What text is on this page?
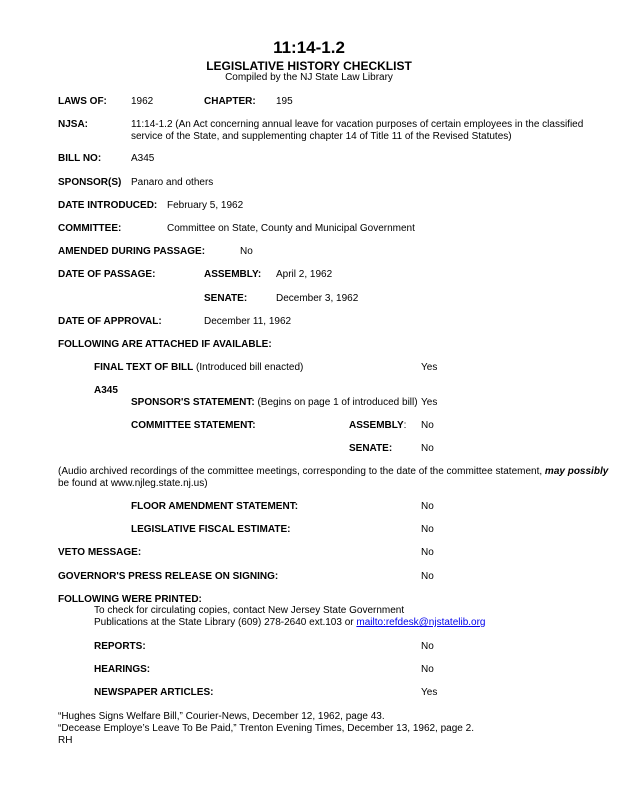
11:14-1.2
LEGISLATIVE HISTORY CHECKLIST
Compiled by the NJ State Law Library
LAWS OF: 1962	CHAPTER: 195
NJSA:	11:14-1.2 (An Act concerning annual leave for vacation purposes of certain employees in the classified
service of the State, and supplementing chapter 14 of Title 11 of the Revised Statutes)
BILL NO:	A345
SPONSOR(S) Panaro and others
DATE INTRODUCED: February 5, 1962
COMMITTEE:	Committee on State, County and Municipal Government
AMENDED DURING PASSAGE:	No
DATE OF PASSAGE:	ASSEMBLY: April 2, 1962
SENATE:	December 3, 1962
DATE OF APPROVAL:	December 11, 1962
FOLLOWING ARE ATTACHED IF AVAILABLE:
FINAL TEXT OF BILL (Introduced bill enacted)	Yes
A345
SPONSOR'S STATEMENT: (Begins on page 1 of introduced bill) Yes
COMMITTEE STATEMENT:	ASSEMBLY: No
SENATE:	No
(Audio archived recordings of the committee meetings, corresponding to the date of the committee statement, may possibly
be found at www.njleg.state.nj.us)
FLOOR AMENDMENT STATEMENT:	No
LEGISLATIVE FISCAL ESTIMATE:	No
VETO MESSAGE:	No
GOVERNOR'S PRESS RELEASE ON SIGNING:	No
FOLLOWING WERE PRINTED:
To check for circulating copies, contact New Jersey State Government
Publications at the State Library (609) 278-2640 ext.103 or mailto:refdesk@njstatelib.org
REPORTS:	No
HEARINGS:	No
NEWSPAPER ARTICLES:	Yes
“Hughes Signs Welfare Bill,” Courier-News, December 12, 1962, page 43.
“Decease Employe’s Leave To Be Paid,” Trenton Evening Times, December 13, 1962, page 2.
RH
